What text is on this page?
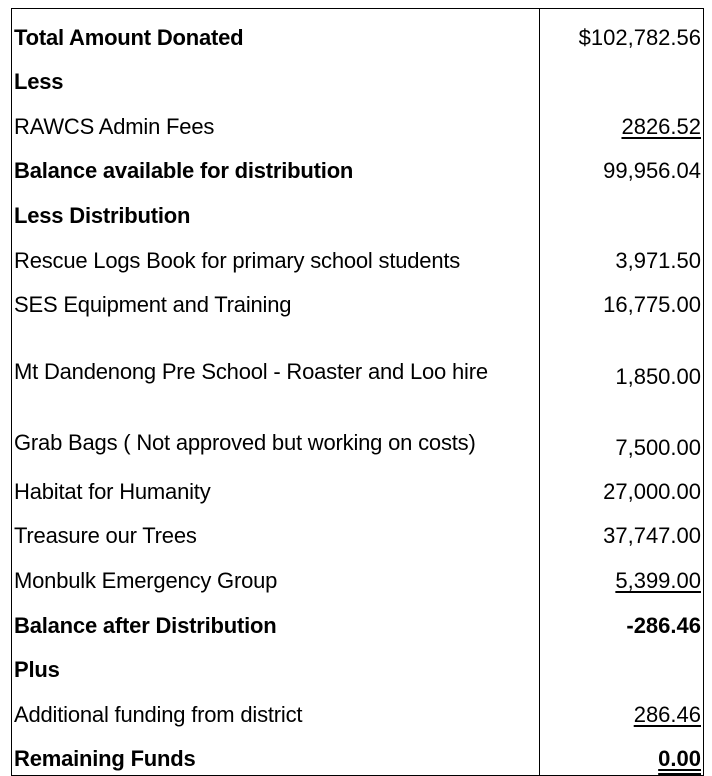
Total Amount Donated	$102,782.56
Less	
RAWCS Admin Fees	2826.52
Balance available for distribution	99,956.04
Less Distribution	
Rescue Logs Book for primary school students	3,971.50
SES Equipment and Training	16,775.00
Mt Dandenong Pre School - Roaster and Loo hire	1,850.00
Grab Bags ( Not approved but working on costs)	7,500.00
Habitat for Humanity	27,000.00
Treasure our Trees	37,747.00
Monbulk Emergency Group	5,399.00
Balance after Distribution	-286.46
Plus	
Additional funding from district	286.46
Remaining Funds	0.00
